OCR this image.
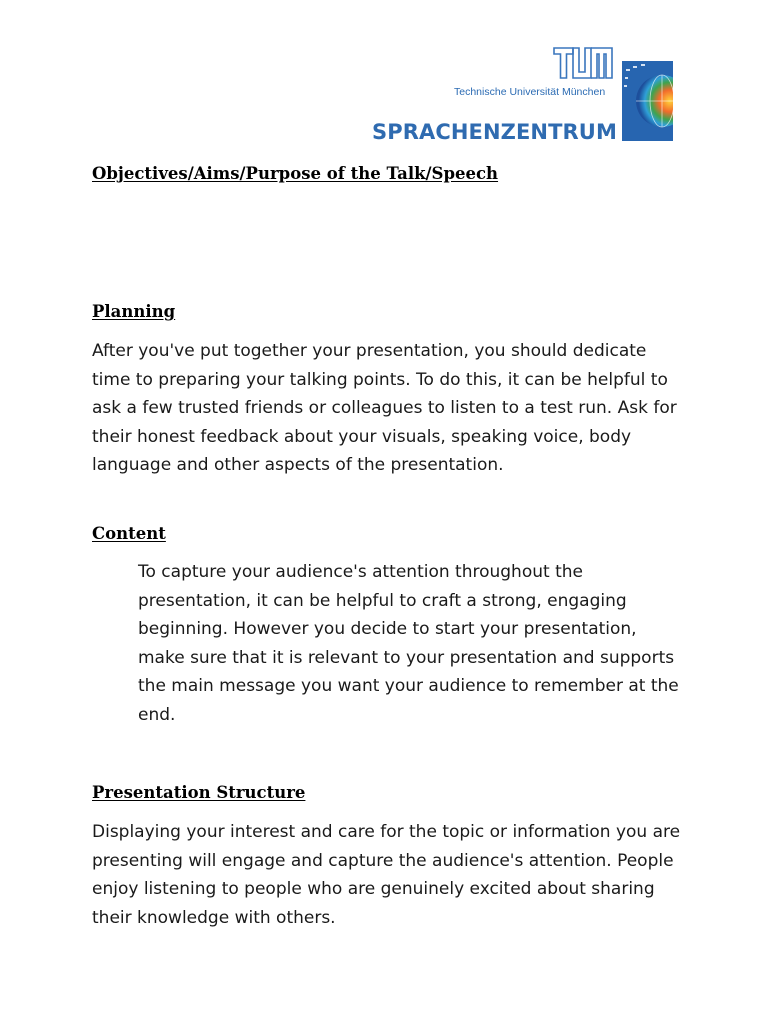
Technische Universität München
SPRACHENZENTRUM
Objectives/Aims/Purpose of the Talk/Speech
Planning

After you've put together your presentation, you should dedicate time to preparing your talking points. To do this, it can be helpful to ask a few trusted friends or colleagues to listen to a test run. Ask for their honest feedback about your visuals, speaking voice, body language and other aspects of the presentation.

Content

To capture your audience's attention throughout the presentation, it can be helpful to craft a strong, engaging beginning. However you decide to start your presentation, make sure that it is relevant to your presentation and supports the main message you want your audience to remember at the end.

Presentation Structure

Displaying your interest and care for the topic or information you are presenting will engage and capture the audience's attention. People enjoy listening to people who are genuinely excited about sharing their knowledge with others.
